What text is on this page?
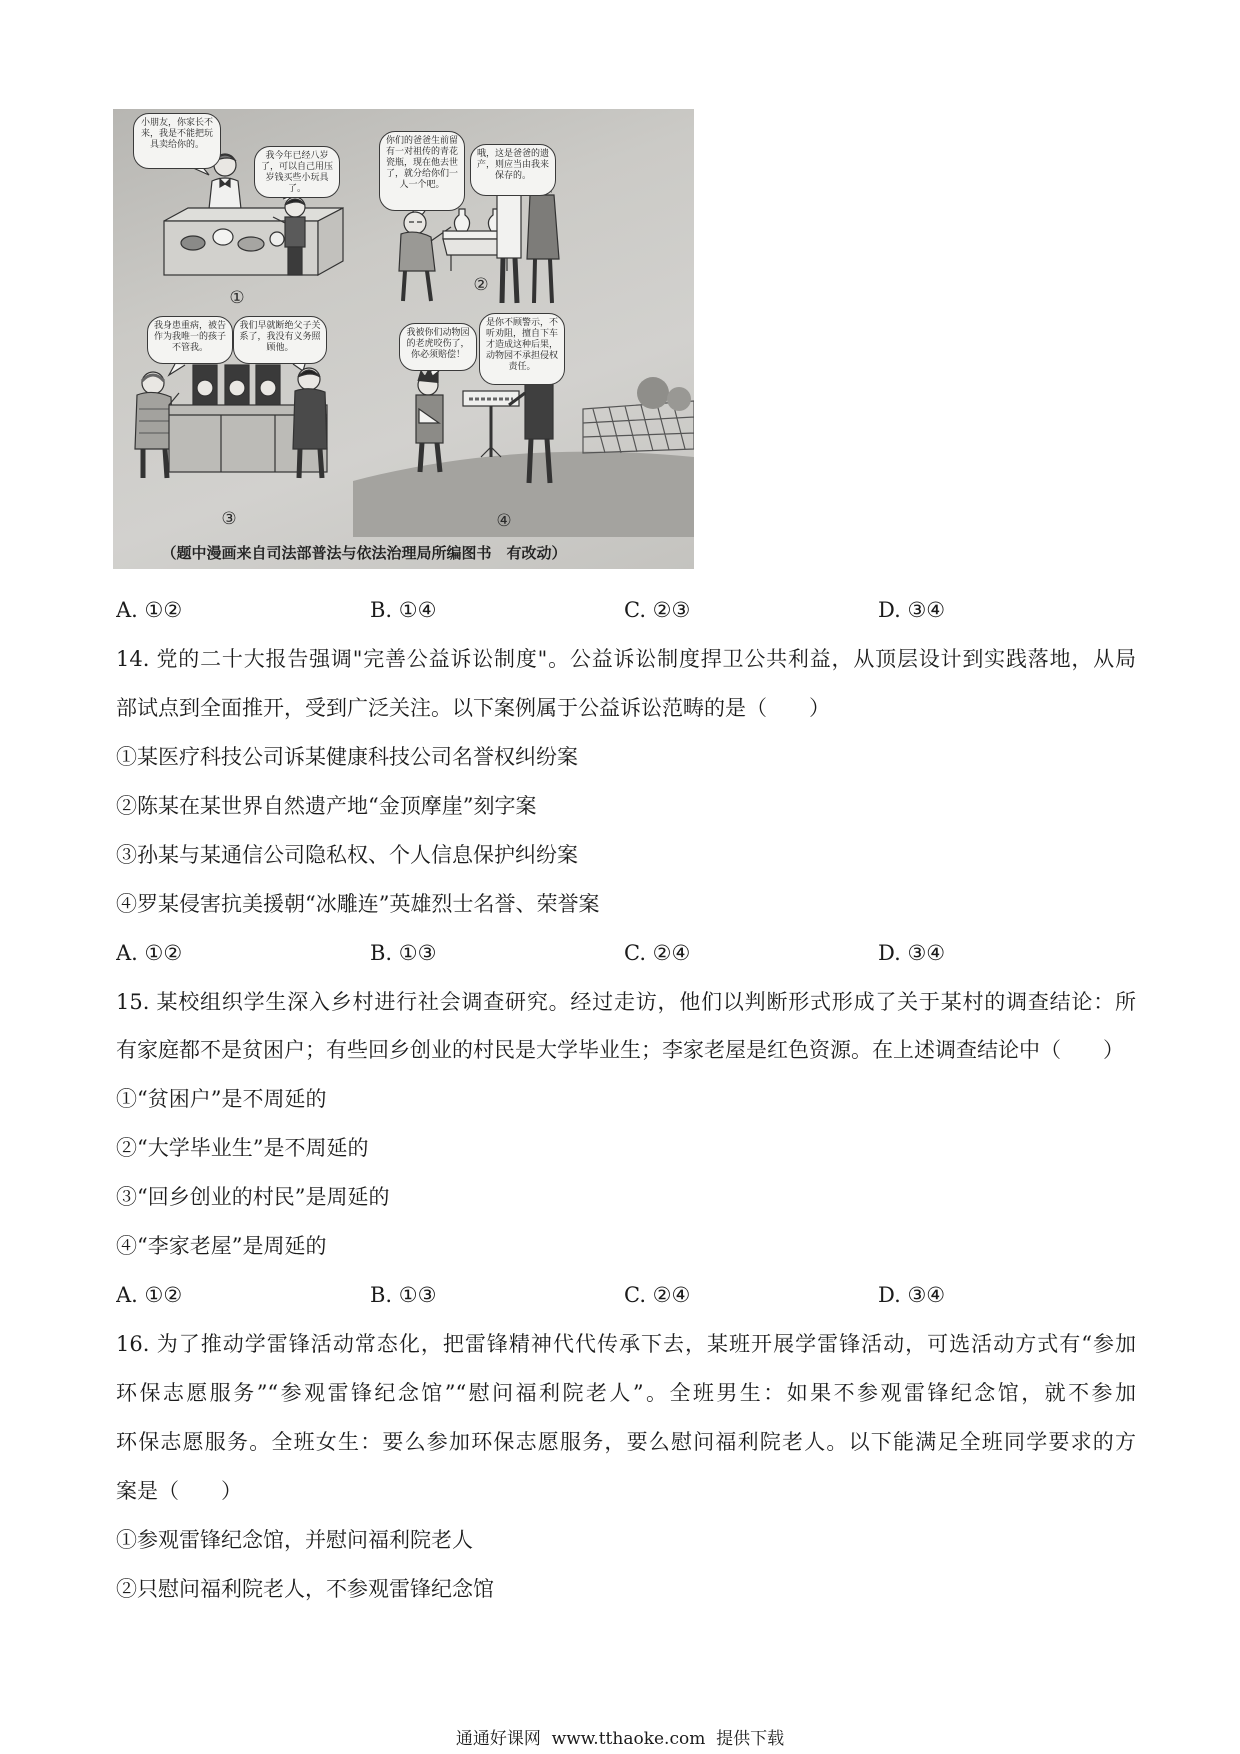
小朋友，你家长不来，我是不能把玩具卖给你的。
我今年已经八岁了，可以自己用压岁钱买些小玩具了。
你们的爸爸生前留有一对祖传的青花瓷瓶，现在他去世了，就分给你们一人一个吧。
哦，这是爸爸的遗产，则应当由我来保存的。
我身患重病，被告作为我唯一的孩子不管我。
我们早就断绝父子关系了，我没有义务照顾他。
我被你们动物园的老虎咬伤了，你必须赔偿！
是你不顾警示，不听劝阻，擅自下车才造成这种后果，动物园不承担侵权责任。
①
②
③	④
（题中漫画来自司法部普法与依法治理局所编图书　有改动）
A. ①②	B. ①④	C. ②③	D. ③④
14. 党的二十大报告强调"完善公益诉讼制度"。公益诉讼制度捍卫公共利益，从顶层设计到实践落地，从局
部试点到全面推开，受到广泛关注。以下案例属于公益诉讼范畴的是（　　）
①某医疗科技公司诉某健康科技公司名誉权纠纷案
②陈某在某世界自然遗产地“金顶摩崖”刻字案
③孙某与某通信公司隐私权、个人信息保护纠纷案
④罗某侵害抗美援朝“冰雕连”英雄烈士名誉、荣誉案
A. ①②	B. ①③	C. ②④	D. ③④
15. 某校组织学生深入乡村进行社会调查研究。经过走访，他们以判断形式形成了关于某村的调查结论：所
有家庭都不是贫困户；有些回乡创业的村民是大学毕业生；李家老屋是红色资源。在上述调查结论中（　　）
①“贫困户”是不周延的
②“大学毕业生”是不周延的
③“回乡创业的村民”是周延的
④“李家老屋”是周延的
A. ①②	B. ①③	C. ②④	D. ③④
16. 为了推动学雷锋活动常态化，把雷锋精神代代传承下去，某班开展学雷锋活动，可选活动方式有“参加
环保志愿服务”“参观雷锋纪念馆”“慰问福利院老人”。全班男生：如果不参观雷锋纪念馆，就不参加
环保志愿服务。全班女生：要么参加环保志愿服务，要么慰问福利院老人。以下能满足全班同学要求的方
案是（　　）
①参观雷锋纪念馆，并慰问福利院老人
②只慰问福利院老人，不参观雷锋纪念馆
通通好课网  www.tthaoke.com  提供下载
